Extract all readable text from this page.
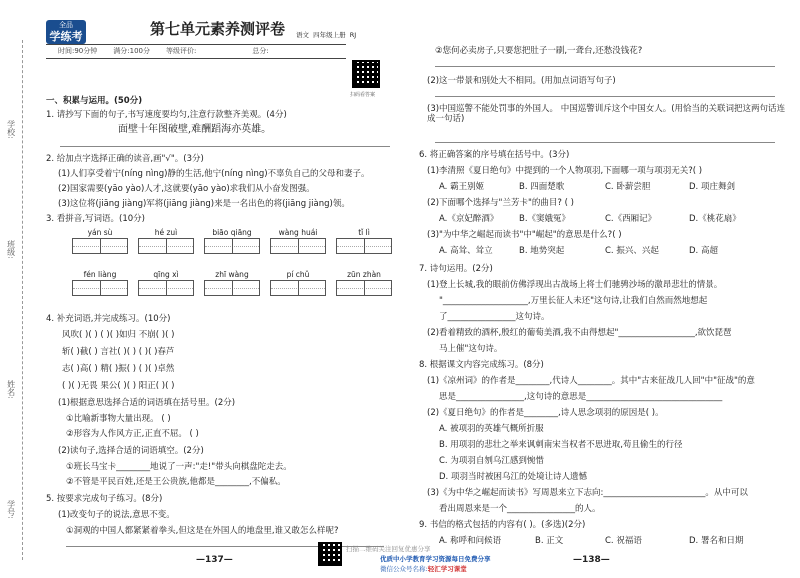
学校:
班级:
姓名:
学号:
全品
学练考	第七单元素养测评卷 语文 四年级上册 RJ
扫码看答案
时间:90分钟 满分:100分 等级评价:	总分:
一、积累与运用。(50分)
1. 请抄写下面的句子,书写速度要均匀,注意行款整齐美观。(4分)
面壁十年图破壁,难酬蹈海亦英雄。
2. 给加点字选择正确的读音,画"√"。(3分)
(1)人们享受着宁(níng nìng)静的生活,他宁(níng nìng)不辜负自己的父母和妻子。
(2)国家需要(yāo yào)人才,这就要(yāo yào)求我们从小奋发图强。
(3)这位将(jiāng jiàng)军将(jiāng jiàng)来是一名出色的将(jiāng jiàng)领。
3. 看拼音,写词语。(10分)
yán sù	hé zuì	biāo qiāng	wàng huái	tǐ lì
fén liàng	qīng xì	zhī wàng	pí chǔ	zūn zhàn
4. 补充词语,并完成练习。(10分)
风吹( )( ) ( )( )如归 不崩( )( )
斩( )截( ) 言社( )( ) ( )( )春芦
志( )高( ) 精( )振( ) ( )( )卓然
( )( )无畏 果公( )( ) 阳正( )( )
(1)根据意思选择合适的词语填在括号里。(2分)
①比喻新事物大量出现。 ( )
②形容为人作风方正,正直不屈。 ( )
(2)读句子,选择合适的词语填空。(2分)
①班长马宝卡________地说了一声:"走!"带头向棋盘陀走去。
②不管是平民百姓,还是王公贵族,他都是________,不偏私。
5. 按要求完成句子练习。(8分)
(1)改变句子的说法,意思不变。
①洞观的中国人都紧紧着拳头,但这是在外国人的地盘里,谁又敢怎么样呢?
—137—
②您何必卖房子,只要您把肚子一刷,一聋台,还愁没钱花?
(2)这一带景和别处大不相同。(用加点词语写句子)
(3)中国巡警不能处罚事的外国人。 中国巡警训斥这个中国女人。(用恰当的关联词把这两句话连成一句话)
6. 将正确答案的序号填在括号中。(3分)
(1)李清照《夏日绝句》中提到的一个人物项羽,下面哪一项与项羽无关?( )
A. 霸王别姬	B. 四面楚歌	C. 卧薪尝胆	D. 项庄舞剑
(2)下面哪个选择与"兰芳卡"的曲目? ( )
A.《京妃醉酒》 B.《窦娥冤》	C.《西厢记》	D.《桃花扇》
(3)"为中华之崛起而读书"中"崛起"的意思是什么?( )
A. 高耸、耸立	B. 地势突起	C. 振兴、兴起	D. 高超
7. 诗句运用。(2分)
(1)登上长城,我的眼前仿佛浮现出古战场上将士们驰骋沙场的激昂悲壮的情景。
"____________________,万里长征人未还"这句诗,让我们自然而然地想起
了________________这句诗。
(2)看着精致的酒杯,殷红的葡萄美酒,我不由得想起"__________________,欲饮琵琶
马上催"这句诗。
8. 根据课文内容完成练习。(8分)
(1)《凉州词》的作者是________,代诗人________。其中"古来征战几人回"中"征战"的意
思是________________,这句诗的意思是________________________________
(2)《夏日绝句》的作者是________,诗人思念项羽的原因是( )。
A. 被项羽的英雄气概所折服
B. 用项羽的悲壮之举来讽刺南宋当权者不思进取,苟且偷生的行径
C. 为项羽自刎乌江感到惋惜
D. 项羽当时被困乌江的处境让诗人遗憾
(3)《为中华之崛起而读书》写周恩来立下志向:________________________。从中可以
看出周恩来是一个________________的人。
9. 书信的格式包括的内容有( )。(多选)(2分)
A. 称呼和问候语	B. 正文	C. 祝福语	D. 署名和日期
—138—
扫描二维码关注回复优惠分享
优质中小学教育学习资源每日免费分享
微信公众号名称:轻汇学习课堂
